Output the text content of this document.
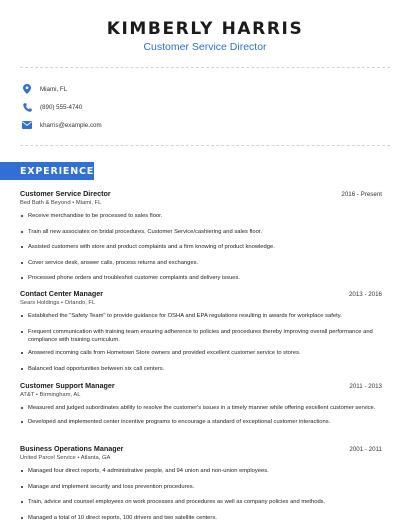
KIMBERLY HARRIS
Customer Service Director
Miami, FL
(890) 555-4740
kharris@example.com
EXPERIENCE
Customer Service Director	2016 - Present
Bed Bath & Beyond • Miami, FL
Receive merchandise to be processed to sales floor.
Train all new associates on bridal procedures, Customer Service/cashiering and sales floor.
Assisted customers with store and product complaints and a firm knowing of product knowledge.
Cover service desk, answer calls, process returns and exchanges.
Processed phone orders and troubleshot customer complaints and delivery issues.
Contact Center Manager	2013 - 2016
Sears Holdings • Orlando, FL
Established the "Safety Team" to provide guidance for OSHA and EPA regulations resulting in awards for workplace safety.
Frequent communication with training team ensuring adherence to policies and procedures thereby improving overall performance and compliance with training curriculum.
Answered incoming calls from Hometown Store owners and provided excellent customer service to stores.
Balanced load opportunities between six call centers.
Customer Support Manager	2011 - 2013
AT&T • Birmingham, AL
Measured and judged subordinates ability to resolve the customer's issues in a timely manner while offering excellent customer service.
Developed and implemented center incentive programs to encourage a standard of exceptional customer interactions.
Business Operations Manager	2001 - 2011
United Parcel Service • Atlanta, GA
Managed four direct reports, 4 administrative people, and 94 union and non-union employees.
Manage and implement security and loss prevention procedures.
Train, advice and counsel employees on work processes and procedures as well as company policies and methods.
Managed a total of 10 direct reports, 100 drivers and two satellite centers.
